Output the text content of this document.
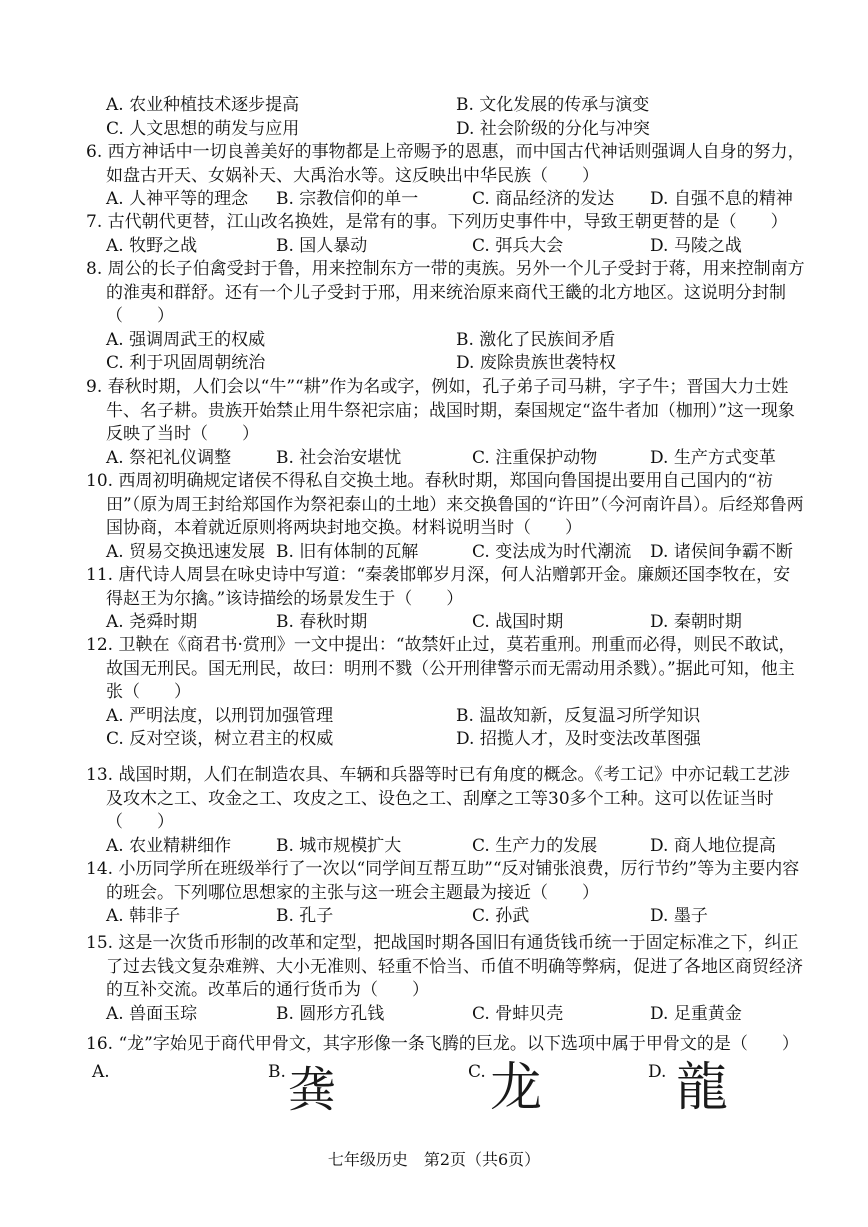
A. 农业种植技术逐步提高	B. 文化发展的传承与演变
C. 人文思想的萌发与应用	D. 社会阶级的分化与冲突

6. 西方神话中一切良善美好的事物都是上帝赐予的恩惠，而中国古代神话则强调人自身的努力，如盘古开天、女娲补天、大禹治水等。这反映出中华民族（　　）

A. 人神平等的理念	B. 宗教信仰的单一	C. 商品经济的发达	D. 自强不息的精神

7. 古代朝代更替，江山改名换姓，是常有的事。下列历史事件中，导致王朝更替的是（　　）

A. 牧野之战	B. 国人暴动	C. 弭兵大会	D. 马陵之战

8. 周公的长子伯禽受封于鲁，用来控制东方一带的夷族。另外一个儿子受封于蒋，用来控制南方的淮夷和群舒。还有一个儿子受封于邢，用来统治原来商代王畿的北方地区。这说明分封制（　　）

A. 强调周武王的权威	B. 激化了民族间矛盾
C. 利于巩固周朝统治	D. 废除贵族世袭特权

9. 春秋时期，人们会以“牛”“耕”作为名或字，例如，孔子弟子司马耕，字子牛；晋国大力士姓牛、名子耕。贵族开始禁止用牛祭祀宗庙；战国时期，秦国规定“盗牛者加（枷刑）”这一现象反映了当时（　　）

A. 祭祀礼仪调整	B. 社会治安堪忧	C. 注重保护动物	D. 生产方式变革

10. 西周初明确规定诸侯不得私自交换土地。春秋时期，郑国向鲁国提出要用自己国内的“祊田”（原为周王封给郑国作为祭祀泰山的土地）来交换鲁国的“许田”（今河南许昌）。后经郑鲁两国协商，本着就近原则将两块封地交换。材料说明当时（　　）

A. 贸易交换迅速发展 B. 旧有体制的瓦解	C. 变法成为时代潮流	D. 诸侯间争霸不断

11. 唐代诗人周昙在咏史诗中写道：“秦袭邯郸岁月深，何人沾赠郭开金。廉颇还国李牧在，安得赵王为尔擒。”该诗描绘的场景发生于（　　）

A. 尧舜时期	B. 春秋时期	C. 战国时期	D. 秦朝时期

12. 卫鞅在《商君书·赏刑》一文中提出：“故禁奸止过，莫若重刑。刑重而必得，则民不敢试，故国无刑民。国无刑民，故曰：明刑不戮（公开刑律警示而无需动用杀戮）。”据此可知，他主张（　　）

A. 严明法度，以刑罚加强管理	B. 温故知新，反复温习所学知识
C. 反对空谈，树立君主的权威	D. 招揽人才，及时变法改革图强

13. 战国时期，人们在制造农具、车辆和兵器等时已有角度的概念。《考工记》中亦记载工艺涉及攻木之工、攻金之工、攻皮之工、设色之工、刮摩之工等30多个工种。这可以佐证当时（　　）

A. 农业精耕细作	B. 城市规模扩大	C. 生产力的发展	D. 商人地位提高

14. 小历同学所在班级举行了一次以“同学间互帮互助”“反对铺张浪费，厉行节约”等为主要内容的班会。下列哪位思想家的主张与这一班会主题最为接近（　　）

A. 韩非子	B. 孔子	C. 孙武	D. 墨子

15. 这是一次货币形制的改革和定型，把战国时期各国旧有通货钱币统一于固定标准之下，纠正了过去钱文复杂难辨、大小无准则、轻重不恰当、币值不明确等弊病，促进了各地区商贸经济的互补交流。改革后的通行货币为（　　）

A. 兽面玉琮	B. 圆形方孔钱	C. 骨蚌贝壳	D. 足重黄金

16. “龙”字始见于商代甲骨文，其字形像一条飞腾的巨龙。以下选项中属于甲骨文的是（　　）

A.	B. 龚	C. 龙	D. 龍
七年级历史　第2页（共6页）
